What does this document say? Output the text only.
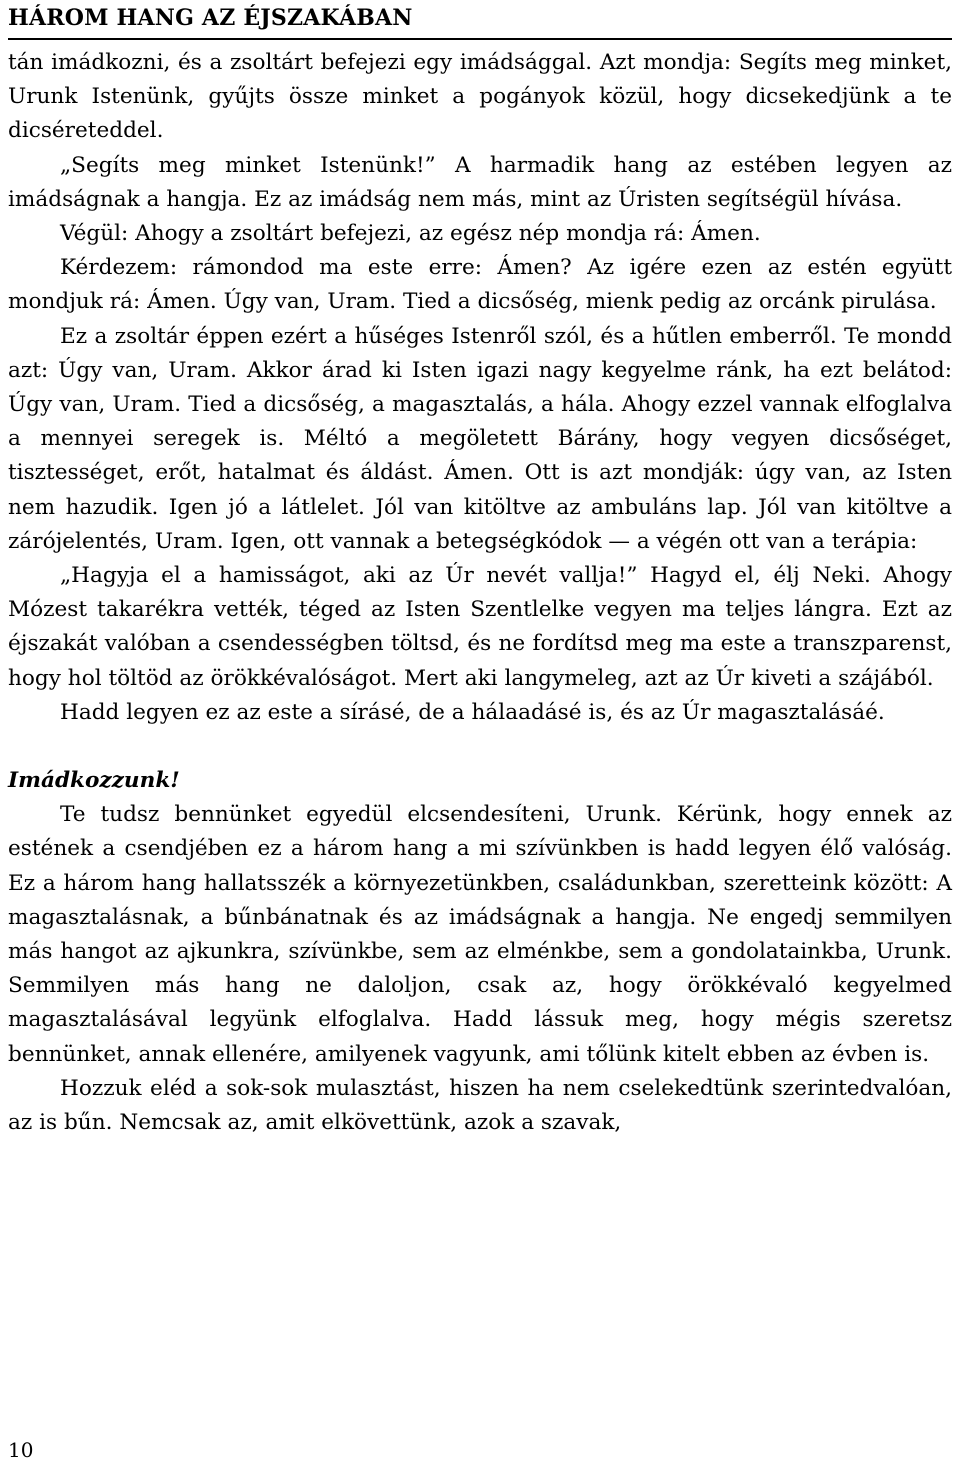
HÁROM HANG AZ ÉJSZAKÁBAN

tán imádkozni, és a zsoltárt befejezi egy imádsággal. Azt mondja: Segíts meg minket, Urunk Istenünk, gyűjts össze minket a pogányok közül, hogy dicsekedjünk a te dicséreteddel.

„Segíts meg minket Istenünk!” A harmadik hang az estében legyen az imádságnak a hangja. Ez az imádság nem más, mint az Úristen segítségül hívása.

Végül: Ahogy a zsoltárt befejezi, az egész nép mondja rá: Ámen.

Kérdezem: rámondod ma este erre: Ámen? Az igére ezen az estén együtt mondjuk rá: Ámen. Úgy van, Uram. Tied a dicsőség, mienk pedig az orcánk pirulása.

Ez a zsoltár éppen ezért a hűséges Istenről szól, és a hűtlen emberről. Te mondd azt: Úgy van, Uram. Akkor árad ki Isten igazi nagy kegyelme ránk, ha ezt belátod: Úgy van, Uram. Tied a dicsőség, a magasztalás, a hála. Ahogy ezzel vannak elfoglalva a mennyei seregek is. Méltó a megöletett Bárány, hogy vegyen dicsőséget, tisztességet, erőt, hatalmat és áldást. Ámen. Ott is azt mondják: úgy van, az Isten nem hazudik. Igen jó a látlelet. Jól van kitöltve az ambuláns lap. Jól van kitöltve a zárójelentés, Uram. Igen, ott vannak a betegségkódok — a végén ott van a terápia:

„Hagyja el a hamisságot, aki az Úr nevét vallja!” Hagyd el, élj Neki. Ahogy Mózest takarékra vették, téged az Isten Szentlelke vegyen ma teljes lángra. Ezt az éjszakát valóban a csendességben töltsd, és ne fordítsd meg ma este a transzparenst, hogy hol töltöd az örökkévalóságot. Mert aki langymeleg, azt az Úr kiveti a szájából.

Hadd legyen ez az este a sírásé, de a hálaadásé is, és az Úr magasztalásáé.

Imádkozzunk!

Te tudsz bennünket egyedül elcsendesíteni, Urunk. Kérünk, hogy ennek az estének a csendjében ez a három hang a mi szívünkben is hadd legyen élő valóság. Ez a három hang hallatsszék a környezetünkben, családunkban, szeretteink között: A magasztalásnak, a bűnbánatnak és az imádságnak a hangja. Ne engedj semmilyen más hangot az ajkunkra, szívünkbe, sem az elménkbe, sem a gondolatainkba, Urunk. Semmilyen más hang ne daloljon, csak az, hogy örökkévaló kegyelmed magasztalásával legyünk elfoglalva. Hadd lássuk meg, hogy mégis szeretsz bennünket, annak ellenére, amilyenek vagyunk, ami tőlünk kitelt ebben az évben is.

Hozzuk eléd a sok-sok mulasztást, hiszen ha nem cselekedtünk szerintedvalóan, az is bűn. Nemcsak az, amit elkövettünk, azok a szavak,

10
